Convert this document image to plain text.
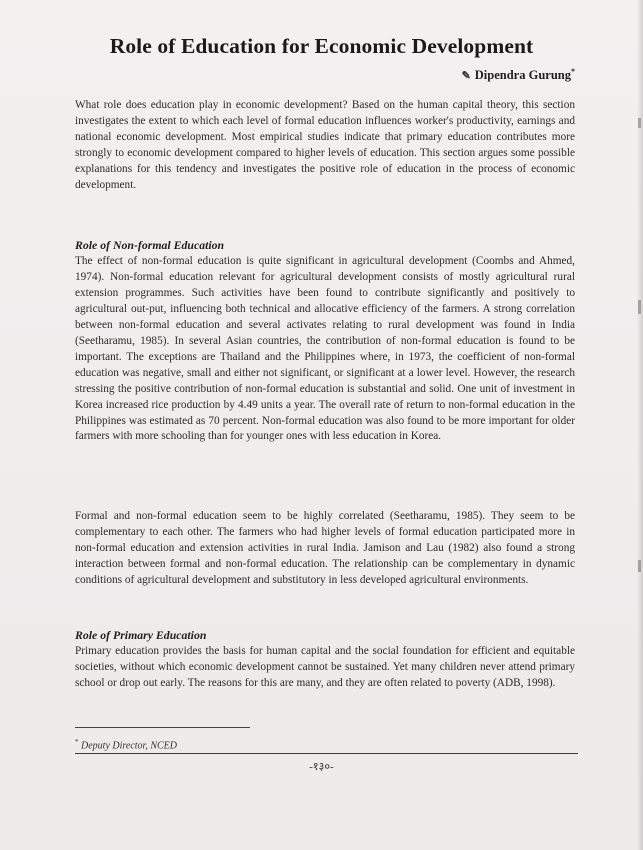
Role of Education for Economic Development
✎ Dipendra Gurung*
What role does education play in economic development? Based on the human capital theory, this section investigates the extent to which each level of formal education influences worker's productivity, earnings and national economic development. Most empirical studies indicate that primary education contributes more strongly to economic development compared to higher levels of education. This section argues some possible explanations for this tendency and investigates the positive role of education in the process of economic development.
Role of Non-formal Education
The effect of non-formal education is quite significant in agricultural development (Coombs and Ahmed, 1974). Non-formal education relevant for agricultural development consists of mostly agricultural rural extension programmes. Such activities have been found to contribute significantly and positively to agricultural out-put, influencing both technical and allocative efficiency of the farmers. A strong correlation between non-formal education and several activates relating to rural development was found in India (Seetharamu, 1985). In several Asian countries, the contribution of non-formal education is found to be important. The exceptions are Thailand and the Philippines where, in 1973, the coefficient of non-formal education was negative, small and either not significant, or significant at a lower level. However, the research stressing the positive contribution of non-formal education is substantial and solid. One unit of investment in Korea increased rice production by 4.49 units a year. The overall rate of return to non-formal education in the Philippines was estimated as 70 percent. Non-formal education was also found to be more important for older farmers with more schooling than for younger ones with less education in Korea.
Formal and non-formal education seem to be highly correlated (Seetharamu, 1985). They seem to be complementary to each other. The farmers who had higher levels of formal education participated more in non-formal education and extension activities in rural India. Jamison and Lau (1982) also found a strong interaction between formal and non-formal education. The relationship can be complementary in dynamic conditions of agricultural development and substitutory in less developed agricultural environments.
Role of Primary Education
Primary education provides the basis for human capital and the social foundation for efficient and equitable societies, without which economic development cannot be sustained. Yet many children never attend primary school or drop out early. The reasons for this are many, and they are often related to poverty (ADB, 1998).
* Deputy Director, NCED
-१३०-
